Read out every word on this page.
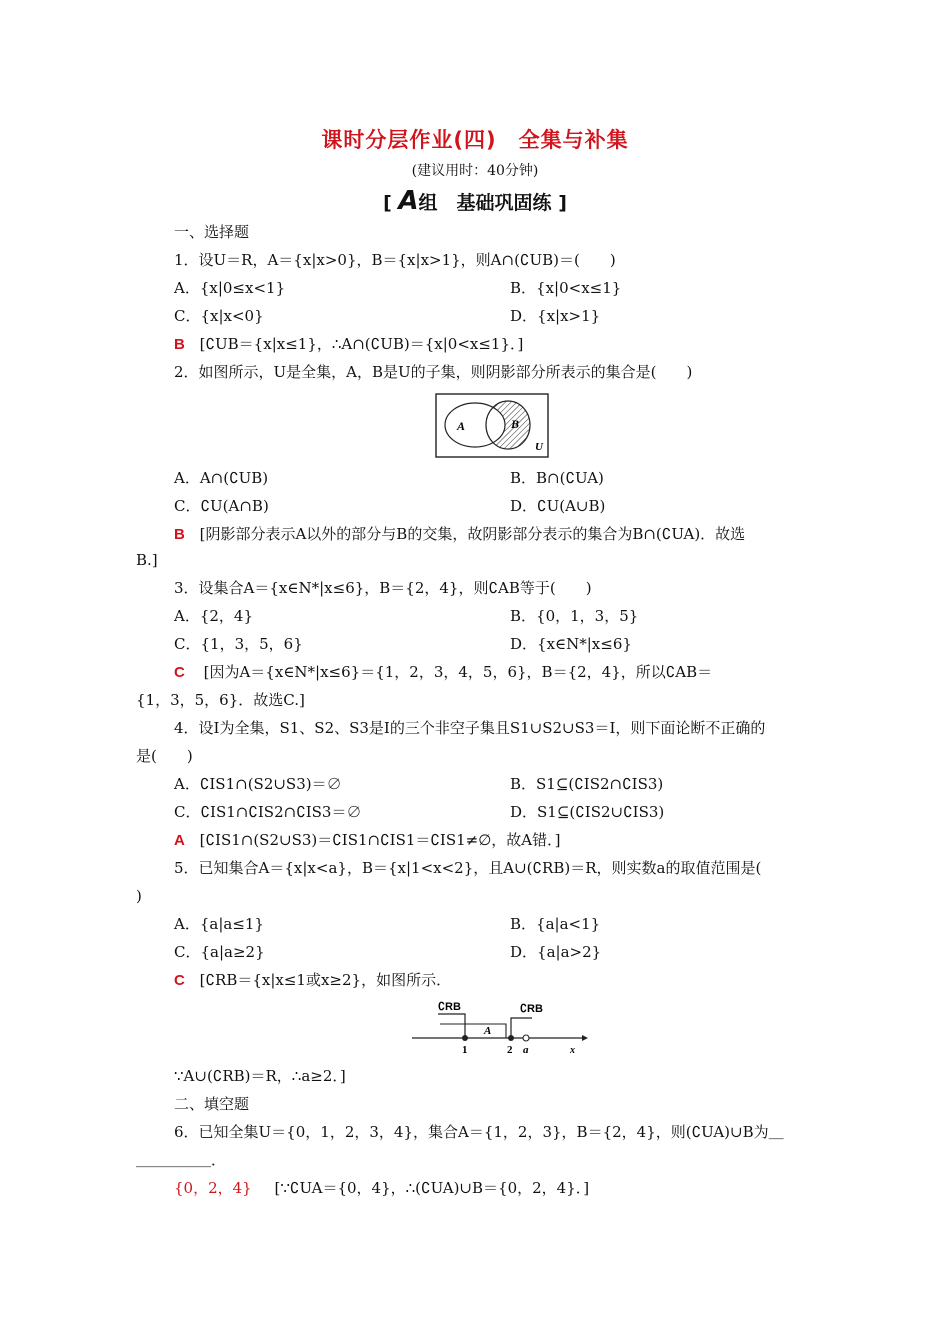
课时分层作业(四)　全集与补集
(建议用时：40分钟)
[ A组　基础巩固练 ]
一、选择题
1．设U＝R，A＝{x|x>0}，B＝{x|x>1}，则A∩(∁UB)＝(　　)
A．{x|0≤x<1}	B．{x|0<x≤1}
C．{x|x<0}	D．{x|x>1}
B [∁UB＝{x|x≤1}，∴A∩(∁UB)＝{x|0<x≤1}．]
2．如图所示，U是全集，A，B是U的子集，则阴影部分所表示的集合是(　　)
A	B
U
A．A∩(∁UB)	B．B∩(∁UA)
C．∁U(A∩B)	D．∁U(A∪B)
B [阴影部分表示A以外的部分与B的交集，故阴影部分表示的集合为B∩(∁UA)．故选
B.]
3．设集合A＝{x∈N*|x≤6}，B＝{2，4}，则∁AB等于(　　)
A．{2，4}	B．{0，1，3，5}
C．{1，3，5，6}	D．{x∈N*|x≤6}
C [因为A＝{x∈N*|x≤6}＝{1，2，3，4，5，6}，B＝{2，4}，所以∁AB＝
{1，3，5，6}．故选C.]
4．设I为全集，S1、S2、S3是I的三个非空子集且S1∪S2∪S3＝I，则下面论断不正确的
是(　　)
A．∁IS1∩(S2∪S3)＝∅	B．S1⊆(∁IS2∩∁IS3)
C．∁IS1∩∁IS2∩∁IS3＝∅	D．S1⊆(∁IS2∪∁IS3)
A [∁IS1∩(S2∪S3)＝∁IS1∩∁IS1＝∁IS1≠∅，故A错．]
5．已知集合A＝{x|x<a}，B＝{x|1<x<2}，且A∪(∁RB)＝R，则实数a的取值范围是(
)
A．{a|a≤1}	B．{a|a<1}
C．{a|a≥2}	D．{a|a>2}
C [∁RB＝{x|x≤1或x≥2}，如图所示．
∁RB	∁RB
A
1	2 a	x
∵A∪(∁RB)＝R，∴a≥2．]
二、填空题
6．已知全集U＝{0，1，2，3，4}，集合A＝{1，2，3}，B＝{2，4}，则(∁UA)∪B为＿
＿＿＿＿＿．
{0，2，4} [∵∁UA＝{0，4}，∴(∁UA)∪B＝{0，2，4}．]
